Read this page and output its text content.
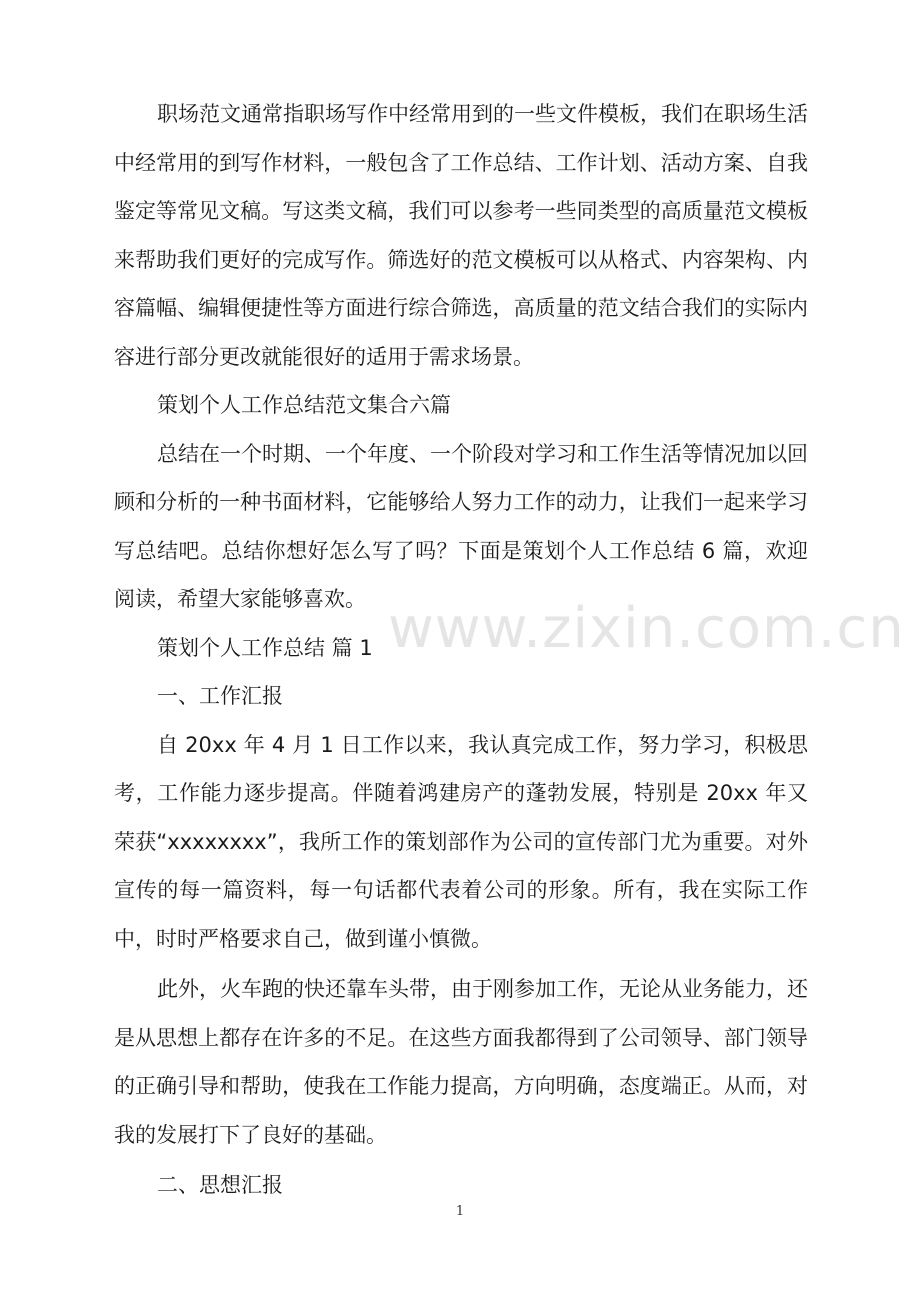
职场范文通常指职场写作中经常用到的一些文件模板，我们在职场生活中经常用的到写作材料，一般包含了工作总结、工作计划、活动方案、自我鉴定等常见文稿。写这类文稿，我们可以参考一些同类型的高质量范文模板来帮助我们更好的完成写作。筛选好的范文模板可以从格式、内容架构、内容篇幅、编辑便捷性等方面进行综合筛选，高质量的范文结合我们的实际内容进行部分更改就能很好的适用于需求场景。

策划个人工作总结范文集合六篇

总结在一个时期、一个年度、一个阶段对学习和工作生活等情况加以回顾和分析的一种书面材料，它能够给人努力工作的动力，让我们一起来学习写总结吧。总结你想好怎么写了吗？下面是策划个人工作总结 6 篇，欢迎阅读，希望大家能够喜欢。

策划个人工作总结 篇 1

一、工作汇报

自 20xx 年 4 月 1 日工作以来，我认真完成工作，努力学习，积极思考，工作能力逐步提高。伴随着鸿建房产的蓬勃发展，特别是 20xx 年又荣获“xxxxxxxx”，我所工作的策划部作为公司的宣传部门尤为重要。对外宣传的每一篇资料，每一句话都代表着公司的形象。所有，我在实际工作中，时时严格要求自己，做到谨小慎微。

此外，火车跑的快还靠车头带，由于刚参加工作，无论从业务能力，还是从思想上都存在许多的不足。在这些方面我都得到了公司领导、部门领导的正确引导和帮助，使我在工作能力提高，方向明确，态度端正。从而，对我的发展打下了良好的基础。

二、思想汇报

www.zixin.com.cn
1
